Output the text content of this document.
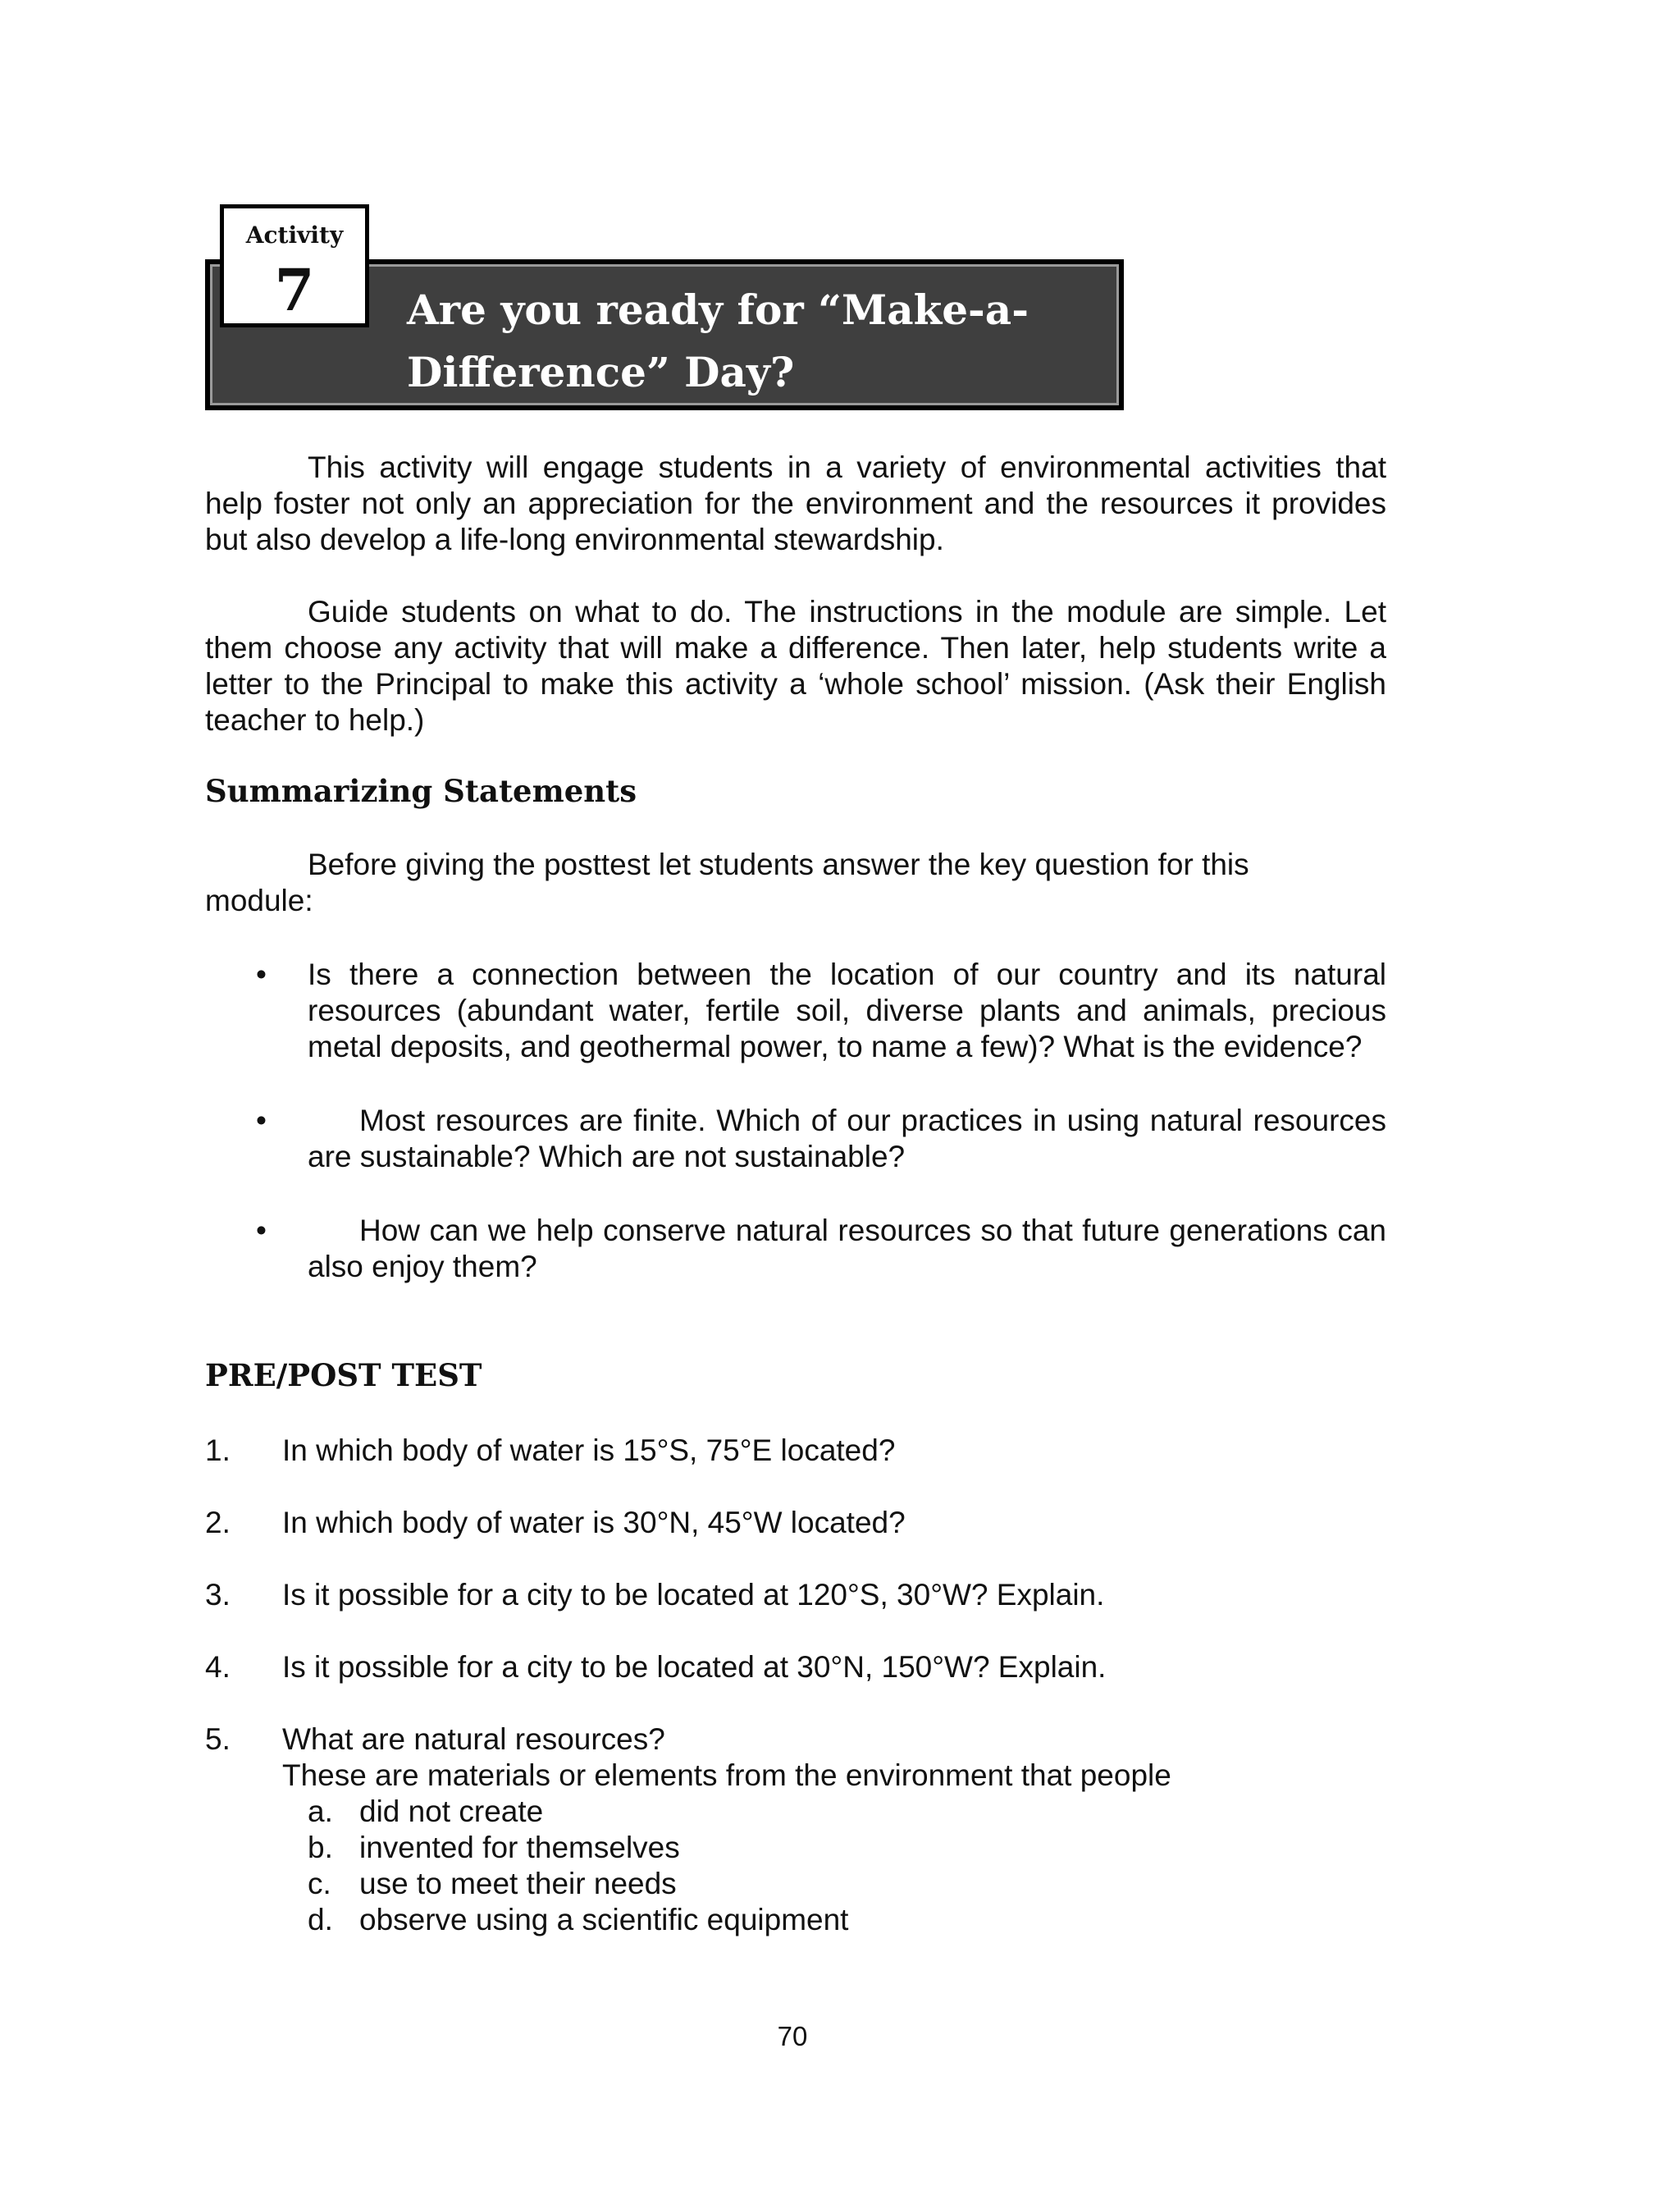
Are you ready for “Make-a-Difference” Day?
Activity
7

This activity will engage students in a variety of environmental activities that help foster not only an appreciation for the environment and the resources it provides but also develop a life-long environmental stewardship.

Guide students on what to do. The instructions in the module are simple. Let them choose any activity that will make a difference. Then later, help students write a letter to the Principal to make this activity a ‘whole school’ mission. (Ask their English teacher to help.)

Summarizing Statements

Before giving the posttest let students answer the key question for this module:

• Is there a connection between the location of our country and its natural resources (abundant water, fertile soil, diverse plants and animals, precious metal deposits, and geothermal power, to name a few)? What is the evidence?

•	Most resources are finite. Which of our practices in using natural resources are sustainable? Which are not sustainable?

•	How can we help conserve natural resources so that future generations can also enjoy them?

PRE/POST TEST
1. In which body of water is 15°S, 75°E located?
2. In which body of water is 30°N, 45°W located?
3. Is it possible for a city to be located at 120°S, 30°W? Explain.
4. Is it possible for a city to be located at 30°N, 150°W? Explain.
5. What are natural resources?
These are materials or elements from the environment that people
a. did not create
b. invented for themselves
c. use to meet their needs
d. observe using a scientific equipment
70
